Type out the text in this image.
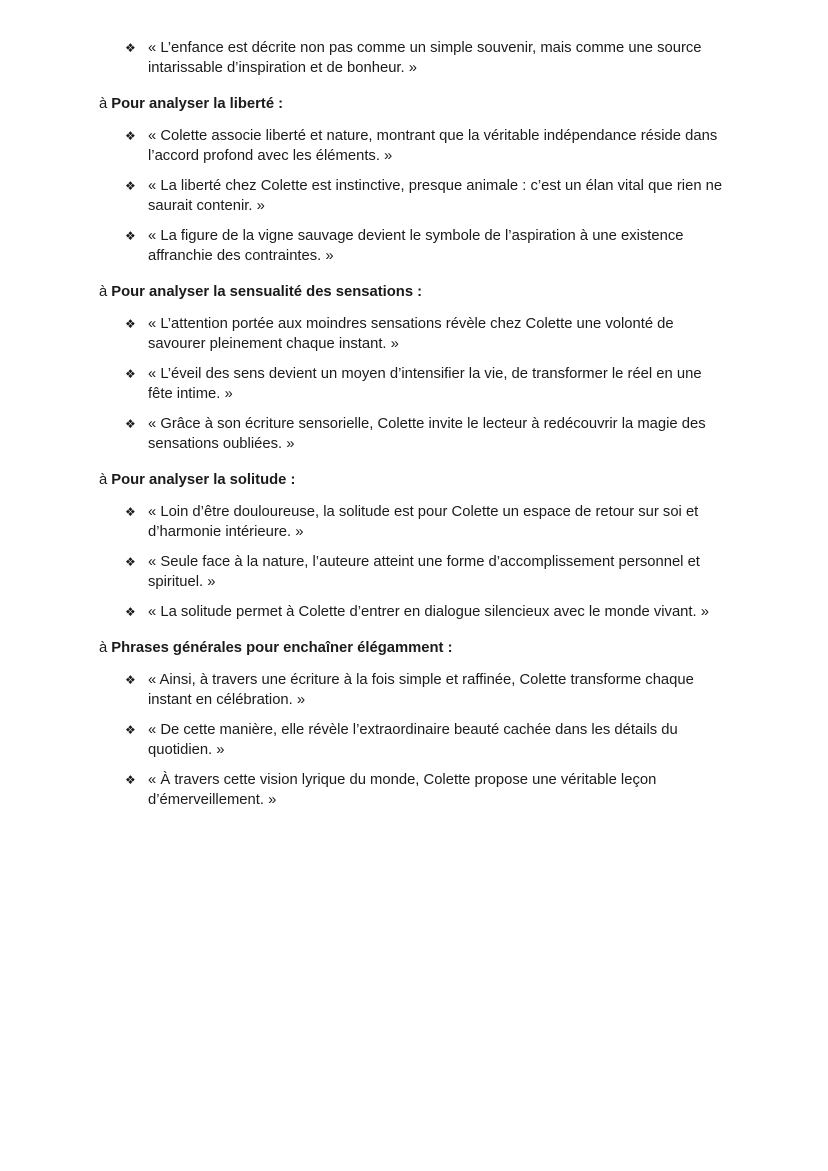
❖ « L’enfance est décrite non pas comme un simple souvenir, mais comme une source intarissable d’inspiration et de bonheur. »

à Pour analyser la liberté :

❖ « Colette associe liberté et nature, montrant que la véritable indépendance réside dans l’accord profond avec les éléments. »
❖ « La liberté chez Colette est instinctive, presque animale : c’est un élan vital que rien ne saurait contenir. »
❖ « La figure de la vigne sauvage devient le symbole de l’aspiration à une existence affranchie des contraintes. »

à Pour analyser la sensualité des sensations :

❖ « L’attention portée aux moindres sensations révèle chez Colette une volonté de savourer pleinement chaque instant. »
❖ « L’éveil des sens devient un moyen d’intensifier la vie, de transformer le réel en une fête intime. »
❖ « Grâce à son écriture sensorielle, Colette invite le lecteur à redécouvrir la magie des sensations oubliées. »

à Pour analyser la solitude :

❖ « Loin d’être douloureuse, la solitude est pour Colette un espace de retour sur soi et d’harmonie intérieure. »
❖ « Seule face à la nature, l’auteure atteint une forme d’accomplissement personnel et spirituel. »
❖ « La solitude permet à Colette d’entrer en dialogue silencieux avec le monde vivant. »

à Phrases générales pour enchaîner élégamment :

❖ « Ainsi, à travers une écriture à la fois simple et raffinée, Colette transforme chaque instant en célébration. »
❖ « De cette manière, elle révèle l’extraordinaire beauté cachée dans les détails du quotidien. »
❖ « À travers cette vision lyrique du monde, Colette propose une véritable leçon d’émerveillement. »
